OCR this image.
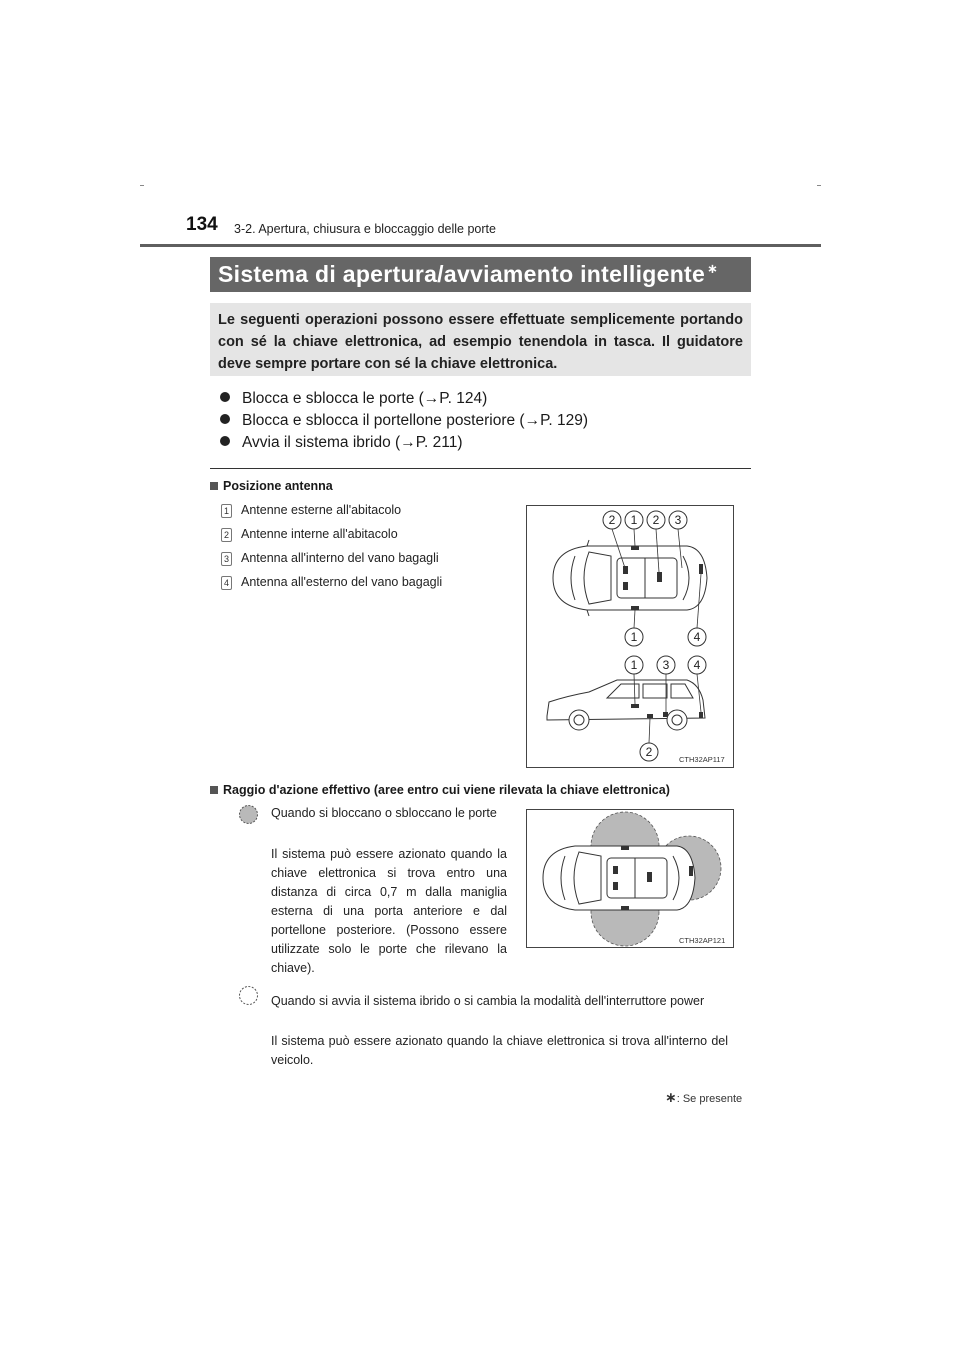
134 3-2. Apertura, chiusura e bloccaggio delle porte
Sistema di apertura/avviamento intelligente ∗
Le seguenti operazioni possono essere effettuate semplicemente portando con sé la chiave elettronica, ad esempio tenendola in tasca. Il guidatore deve sempre portare con sé la chiave elettronica.
Blocca e sblocca le porte (→P. 124)
Blocca e sblocca il portellone posteriore (→P. 129)
Avvia il sistema ibrido (→P. 211)
Posizione antenna
1 Antenne esterne all'abitacolo
2 Antenne interne all'abitacolo
3 Antenna all'interno del vano bagagli
4 Antenna all'esterno del vano bagagli
2 1 2 3
1	4
1 3 4
2
CTH32AP117
Raggio d'azione effettivo (aree entro cui viene rilevata la chiave elettronica)
Quando si bloccano o sbloccano le porte
Il sistema può essere azionato quando la chiave elettronica si trova entro una distanza di circa 0,7 m dalla maniglia esterna di una porta anteriore e dal portellone posteriore. (Possono essere utilizzate solo le porte che rilevano la chiave).
CTH32AP121
Quando si avvia il sistema ibrido o si cambia la modalità dell'interruttore power
Il sistema può essere azionato quando la chiave elettronica si trova all'interno del veicolo.
∗: Se presente
